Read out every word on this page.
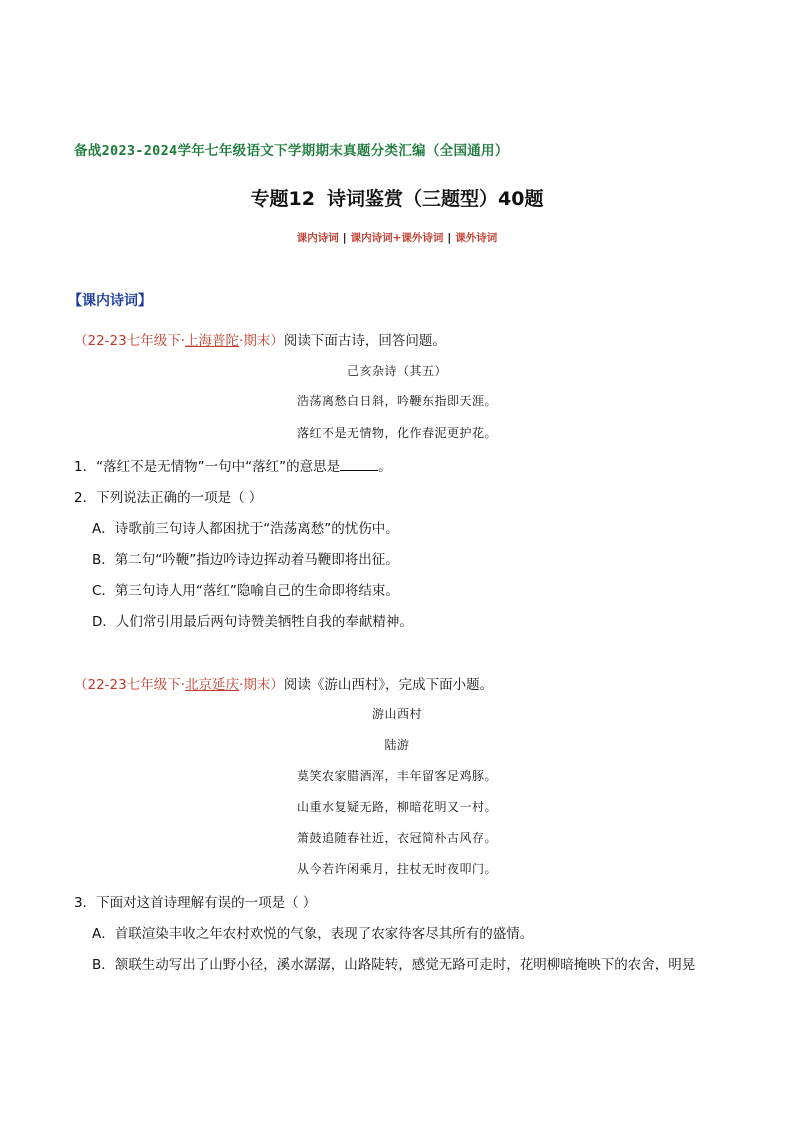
备战2023-2024学年七年级语文下学期期末真题分类汇编（全国通用）
专题12 诗词鉴赏（三题型）40题
课内诗词 | 课内诗词+课外诗词 | 课外诗词
【课内诗词】
（22-23七年级下·上海普陀·期末）阅读下面古诗，回答问题。
己亥杂诗（其五）
浩荡离愁白日斜，吟鞭东指即天涯。
落红不是无情物，化作春泥更护花。
1．“落红不是无情物”一句中“落红”的意思是	。
2．下列说法正确的一项是（ ）
A．诗歌前三句诗人都困扰于“浩荡离愁”的忧伤中。
B．第二句“吟鞭”指边吟诗边挥动着马鞭即将出征。
C．第三句诗人用“落红”隐喻自己的生命即将结束。
D．人们常引用最后两句诗赞美牺牲自我的奉献精神。
（22-23七年级下·北京延庆·期末）阅读《游山西村》，完成下面小题。
游山西村
陆游
莫笑农家腊酒浑，丰年留客足鸡豚。
山重水复疑无路，柳暗花明又一村。
箫鼓追随春社近，衣冠简朴古风存。
从今若许闲乘月，拄杖无时夜叩门。
3．下面对这首诗理解有误的一项是（ ）
A．首联渲染丰收之年农村欢悦的气象，表现了农家待客尽其所有的盛情。
B．颔联生动写出了山野小径，溪水潺潺，山路陡转，感觉无路可走时，花明柳暗掩映下的农舍，明晃
